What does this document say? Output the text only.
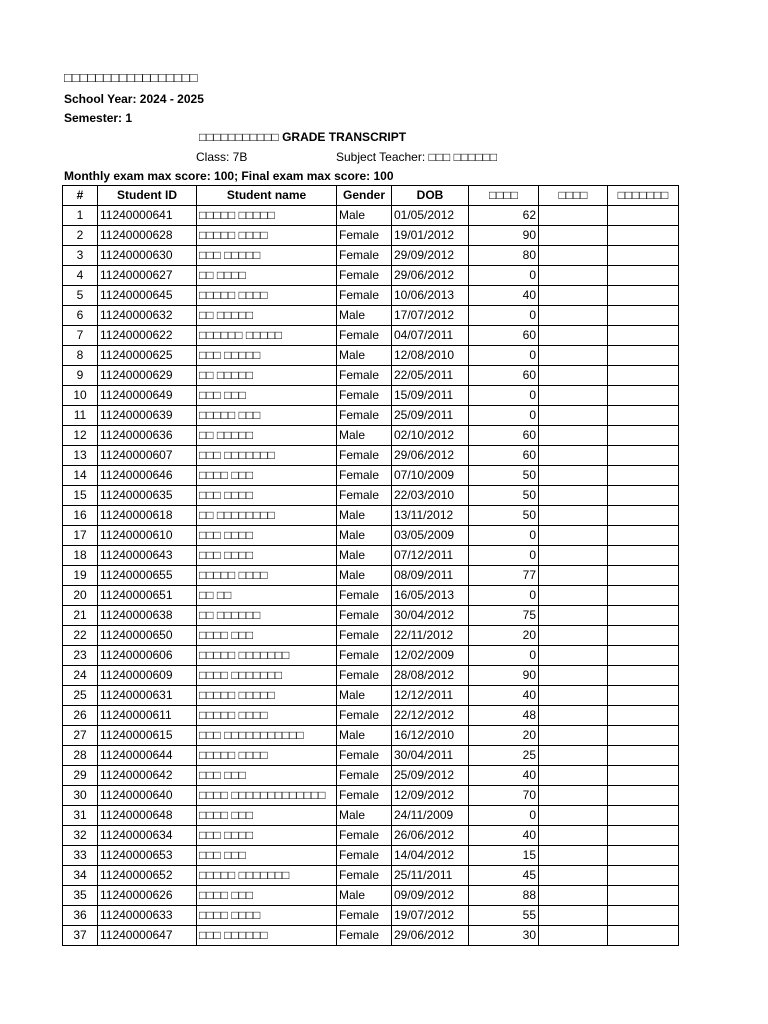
□□□□□□□□□□□□□□□□□
School Year: 2024 - 2025
Semester: 1
□□□□□□□□□□□ GRADE TRANSCRIPT
Class: 7B	Subject Teacher: □□□ □□□□□□
Monthly exam max score: 100; Final exam max score: 100
#	Student ID	Student name	Gender	DOB	□□□□	□□□□	□□□□□□□
1	11240000641	□□□□□ □□□□□	Male	01/05/2012	62		
2	11240000628	□□□□□ □□□□	Female	19/01/2012	90		
3	11240000630	□□□ □□□□□	Female	29/09/2012	80		
4	11240000627	□□ □□□□	Female	29/06/2012	0		
5	11240000645	□□□□□ □□□□	Female	10/06/2013	40		
6	11240000632	□□ □□□□□	Male	17/07/2012	0		
7	11240000622	□□□□□□ □□□□□	Female	04/07/2011	60		
8	11240000625	□□□ □□□□□	Male	12/08/2010	0		
9	11240000629	□□ □□□□□	Female	22/05/2011	60		
10	11240000649	□□□ □□□	Female	15/09/2011	0		
11	11240000639	□□□□□ □□□	Female	25/09/2011	0		
12	11240000636	□□ □□□□□	Male	02/10/2012	60		
13	11240000607	□□□ □□□□□□□	Female	29/06/2012	60		
14	11240000646	□□□□ □□□	Female	07/10/2009	50		
15	11240000635	□□□ □□□□	Female	22/03/2010	50		
16	11240000618	□□ □□□□□□□□	Male	13/11/2012	50		
17	11240000610	□□□ □□□□	Male	03/05/2009	0		
18	11240000643	□□□ □□□□	Male	07/12/2011	0		
19	11240000655	□□□□□ □□□□	Male	08/09/2011	77		
20	11240000651	□□ □□	Female	16/05/2013	0		
21	11240000638	□□ □□□□□□	Female	30/04/2012	75		
22	11240000650	□□□□ □□□	Female	22/11/2012	20		
23	11240000606	□□□□□ □□□□□□□	Female	12/02/2009	0		
24	11240000609	□□□□ □□□□□□□	Female	28/08/2012	90		
25	11240000631	□□□□□ □□□□□	Male	12/12/2011	40		
26	11240000611	□□□□□ □□□□	Female	22/12/2012	48		
27	11240000615	□□□ □□□□□□□□□□□	Male	16/12/2010	20		
28	11240000644	□□□□□ □□□□	Female	30/04/2011	25		
29	11240000642	□□□ □□□	Female	25/09/2012	40		
30	11240000640	□□□□ □□□□□□□□□□□□□	Female	12/09/2012	70		
31	11240000648	□□□□ □□□	Male	24/11/2009	0		
32	11240000634	□□□ □□□□	Female	26/06/2012	40		
33	11240000653	□□□ □□□	Female	14/04/2012	15		
34	11240000652	□□□□□ □□□□□□□	Female	25/11/2011	45		
35	11240000626	□□□□ □□□	Male	09/09/2012	88		
36	11240000633	□□□□ □□□□	Female	19/07/2012	55		
37	11240000647	□□□ □□□□□□	Female	29/06/2012	30		
